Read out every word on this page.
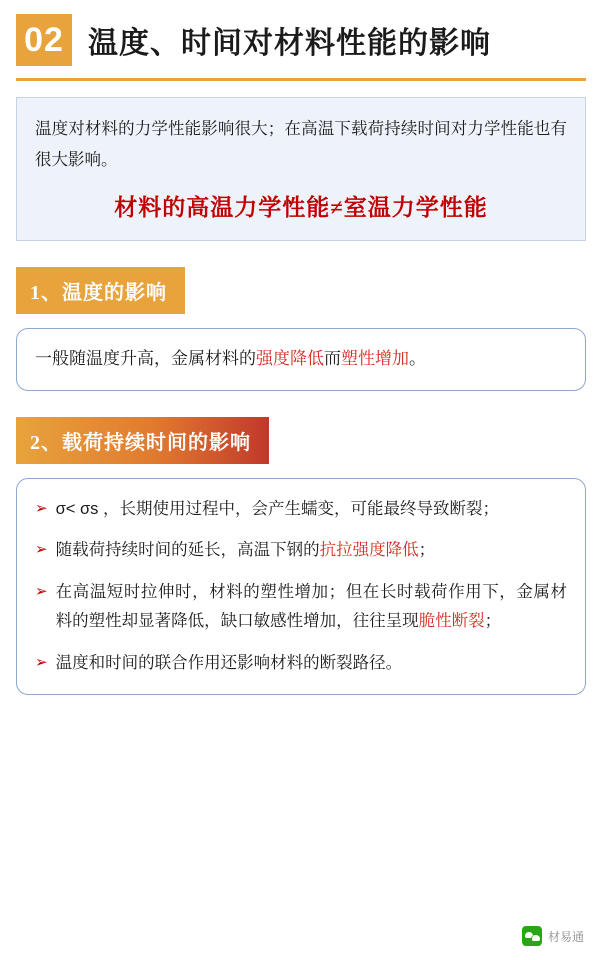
02 温度、时间对材料性能的影响
温度对材料的力学性能影响很大；在高温下载荷持续时间对力学性能也有很大影响。
材料的高温力学性能≠室温力学性能
1、温度的影响
一般随温度升高，金属材料的强度降低而塑性增加。
2、载荷持续时间的影响
➢ σ< σs ，长期使用过程中，会产生蠕变，可能最终导致断裂；
➢ 随载荷持续时间的延长，高温下钢的抗拉强度降低；
➢ 在高温短时拉伸时，材料的塑性增加；但在长时载荷作用下，金属材料的塑性却显著降低，缺口敏感性增加，往往呈现脆性断裂；
➢ 温度和时间的联合作用还影响材料的断裂路径。
材易通
